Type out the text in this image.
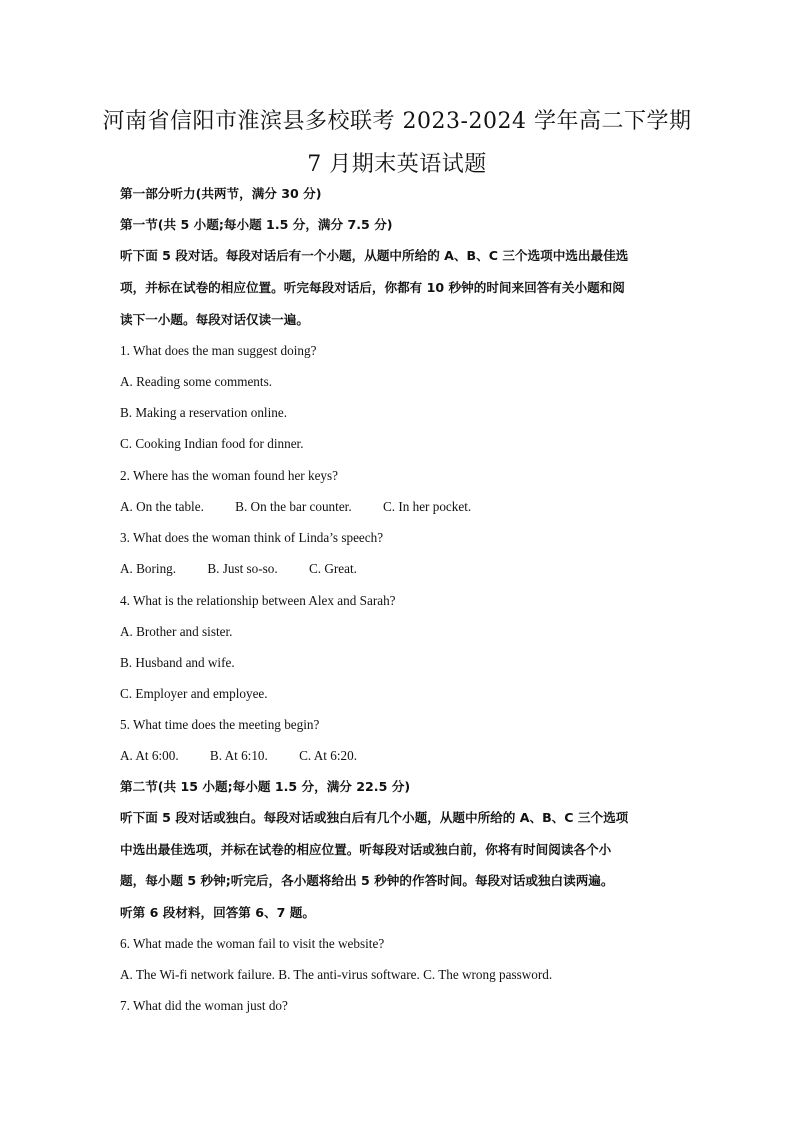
河南省信阳市淮滨县多校联考 2023-2024 学年高二下学期
7 月期末英语试题
第一部分听力(共两节，满分 30 分)
第一节(共 5 小题;每小题 1.5 分，满分 7.5 分)
听下面 5 段对话。每段对话后有一个小题，从题中所给的 A、B、C 三个选项中选出最佳选
项，并标在试卷的相应位置。听完每段对话后，你都有 10 秒钟的时间来回答有关小题和阅
读下一小题。每段对话仅读一遍。
1. What does the man suggest doing?
A. Reading some comments.
B. Making a reservation online.
C. Cooking Indian food for dinner.
2. Where has the woman found her keys?
A. On the table. B. On the bar counter. C. In her pocket.
3. What does the woman think of Linda’s speech?
A. Boring. B. Just so-so. C. Great.
4. What is the relationship between Alex and Sarah?
A. Brother and sister.
B. Husband and wife.
C. Employer and employee.
5. What time does the meeting begin?
A. At 6:00. B. At 6:10. C. At 6:20.
第二节(共 15 小题;每小题 1.5 分，满分 22.5 分)
听下面 5 段对话或独白。每段对话或独白后有几个小题，从题中所给的 A、B、C 三个选项
中选出最佳选项，并标在试卷的相应位置。听每段对话或独白前，你将有时间阅读各个小
题，每小题 5 秒钟;听完后，各小题将给出 5 秒钟的作答时间。每段对话或独白读两遍。
听第 6 段材料，回答第 6、7 题。
6. What made the woman fail to visit the website?
A. The Wi-fi network failure. B. The anti-virus software. C. The wrong password.
7. What did the woman just do?
